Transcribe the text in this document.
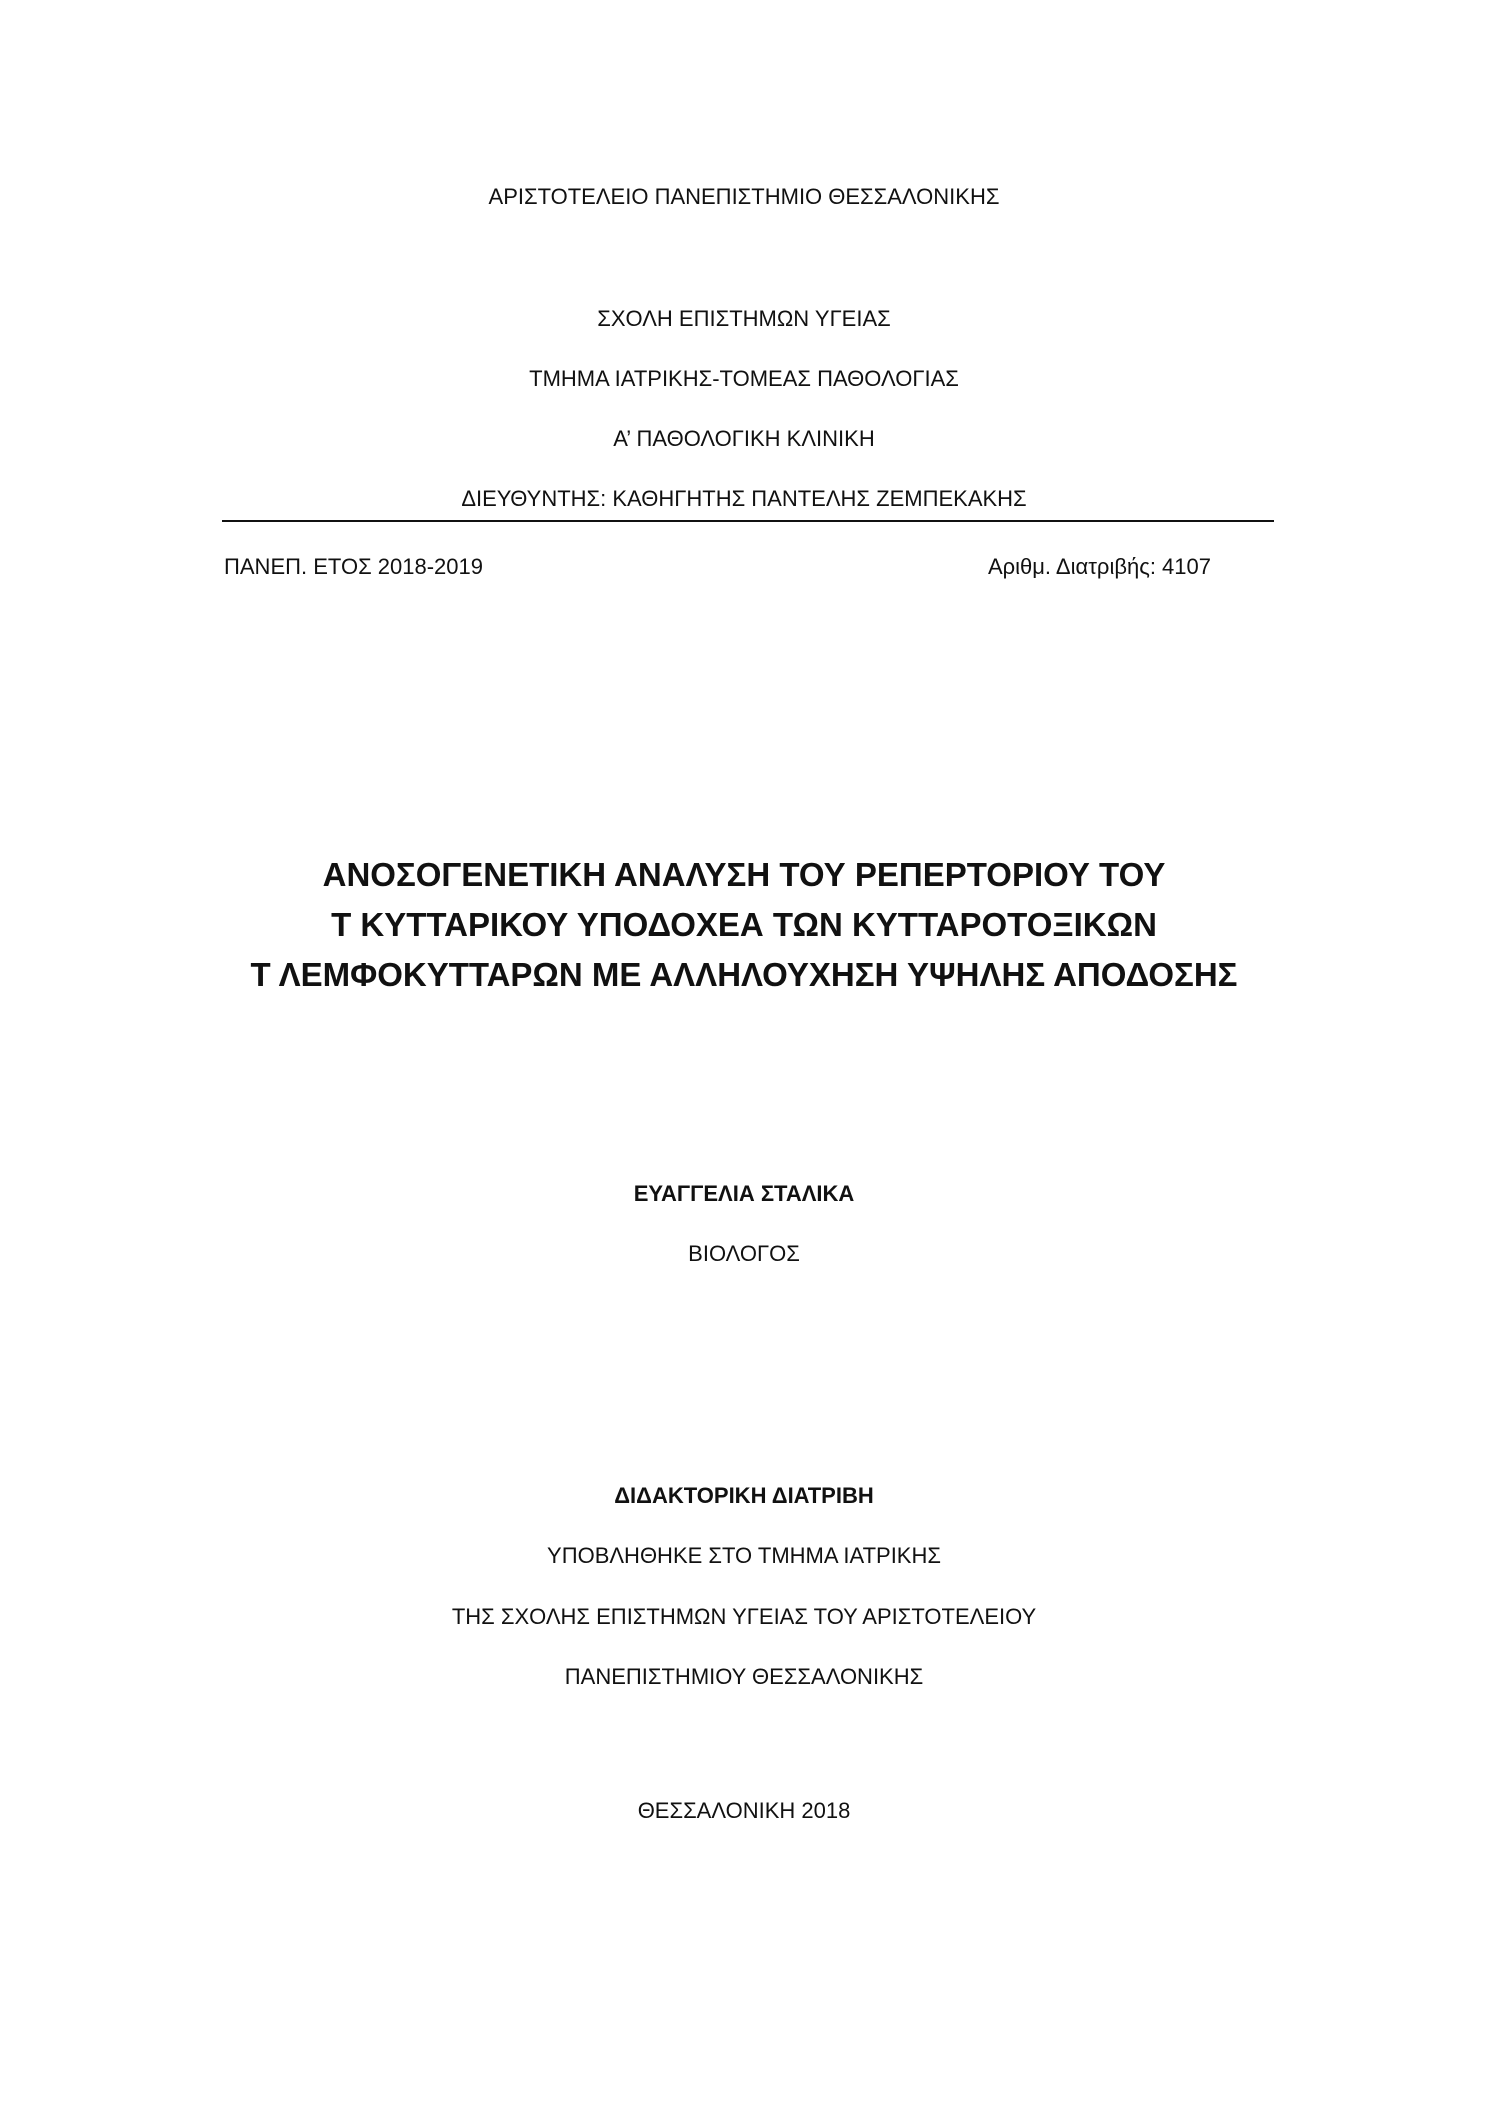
ΑΡΙΣΤΟΤΕΛΕΙΟ ΠΑΝΕΠΙΣΤΗΜΙΟ ΘΕΣΣΑΛΟΝΙΚΗΣ
ΣΧΟΛΗ ΕΠΙΣΤΗΜΩΝ ΥΓΕΙΑΣ
ΤΜΗΜΑ ΙΑΤΡΙΚΗΣ-ΤΟΜΕΑΣ ΠΑΘΟΛΟΓΙΑΣ
Α’ ΠΑΘΟΛΟΓΙΚΗ ΚΛΙΝΙΚΗ
ΔΙΕΥΘΥΝΤΗΣ: ΚΑΘΗΓΗΤΗΣ ΠΑΝΤΕΛΗΣ ΖΕΜΠΕΚΑΚΗΣ
ΠΑΝΕΠ. ΕΤΟΣ 2018-2019	Αριθμ. Διατριβής: 4107
ΑΝΟΣΟΓΕΝΕΤΙΚΗ ΑΝΑΛΥΣΗ ΤΟΥ ΡΕΠΕΡΤΟΡΙΟΥ ΤΟΥ
Τ ΚΥΤΤΑΡΙΚΟΥ ΥΠΟΔΟΧΕΑ ΤΩΝ ΚΥΤΤΑΡΟΤΟΞΙΚΩΝ
Τ ΛΕΜΦΟΚΥΤΤΑΡΩΝ ΜΕ ΑΛΛΗΛΟΥΧΗΣΗ ΥΨΗΛΗΣ ΑΠΟΔΟΣΗΣ
ΕΥΑΓΓΕΛΙΑ ΣΤΑΛΙΚΑ
ΒΙΟΛΟΓΟΣ
ΔΙΔΑΚΤΟΡΙΚΗ ΔΙΑΤΡΙΒΗ
ΥΠΟΒΛΗΘΗΚΕ ΣΤΟ ΤΜΗΜΑ ΙΑΤΡΙΚΗΣ
ΤΗΣ ΣΧΟΛΗΣ ΕΠΙΣΤΗΜΩΝ ΥΓΕΙΑΣ ΤΟΥ ΑΡΙΣΤΟΤΕΛΕΙΟΥ
ΠΑΝΕΠΙΣΤΗΜΙΟΥ ΘΕΣΣΑΛΟΝΙΚΗΣ
ΘΕΣΣΑΛΟΝΙΚΗ 2018
